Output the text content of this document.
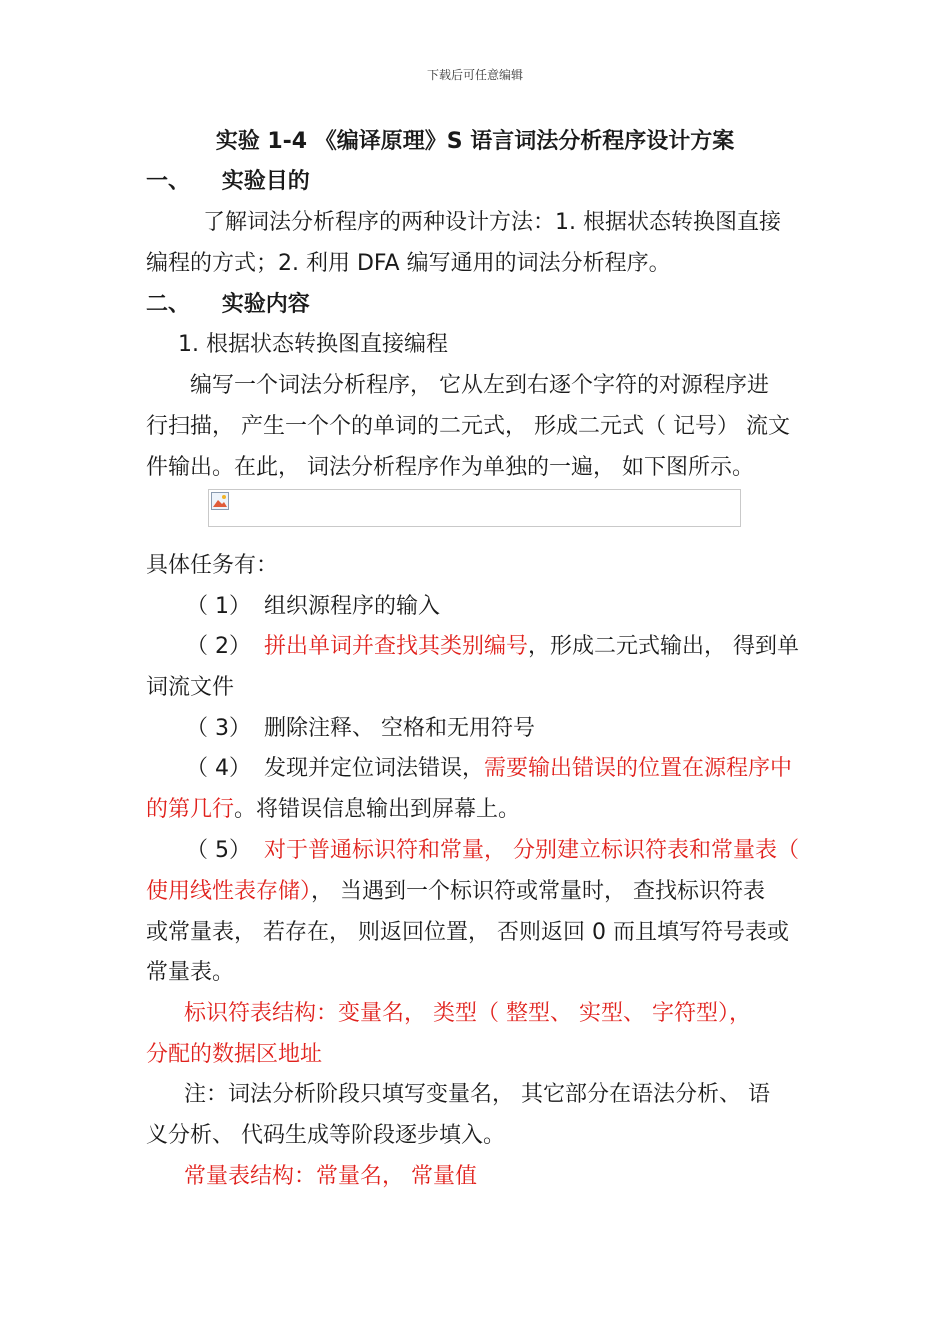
下载后可任意编辑
实验 1-4 《编译原理》S 语言词法分析程序设计方案
一、 实验目的
了解词法分析程序的两种设计方法：1. 根据状态转换图直接
编程的方式；2. 利用 DFA 编写通用的词法分析程序。
二、 实验内容
1. 根据状态转换图直接编程
编写一个词法分析程序， 它从左到右逐个字符的对源程序进
行扫描， 产生一个个的单词的二元式， 形成二元式（ 记号） 流文
件输出。在此， 词法分析程序作为单独的一遍， 如下图所示。
具体任务有：
（ 1） 组织源程序的输入
（ 2） 拼出单词并查找其类别编号，形成二元式输出， 得到单
词流文件
（ 3） 删除注释、 空格和无用符号
（ 4） 发现并定位词法错误，需要输出错误的位置在源程序中
的第几行。将错误信息输出到屏幕上。
（ 5） 对于普通标识符和常量， 分别建立标识符表和常量表（
使用线性表存储）， 当遇到一个标识符或常量时， 查找标识符表
或常量表， 若存在， 则返回位置， 否则返回 0 而且填写符号表或
常量表。
标识符表结构：变量名， 类型（ 整型、 实型、 字符型），
分配的数据区地址
注：词法分析阶段只填写变量名， 其它部分在语法分析、 语
义分析、 代码生成等阶段逐步填入。
常量表结构：常量名， 常量值
